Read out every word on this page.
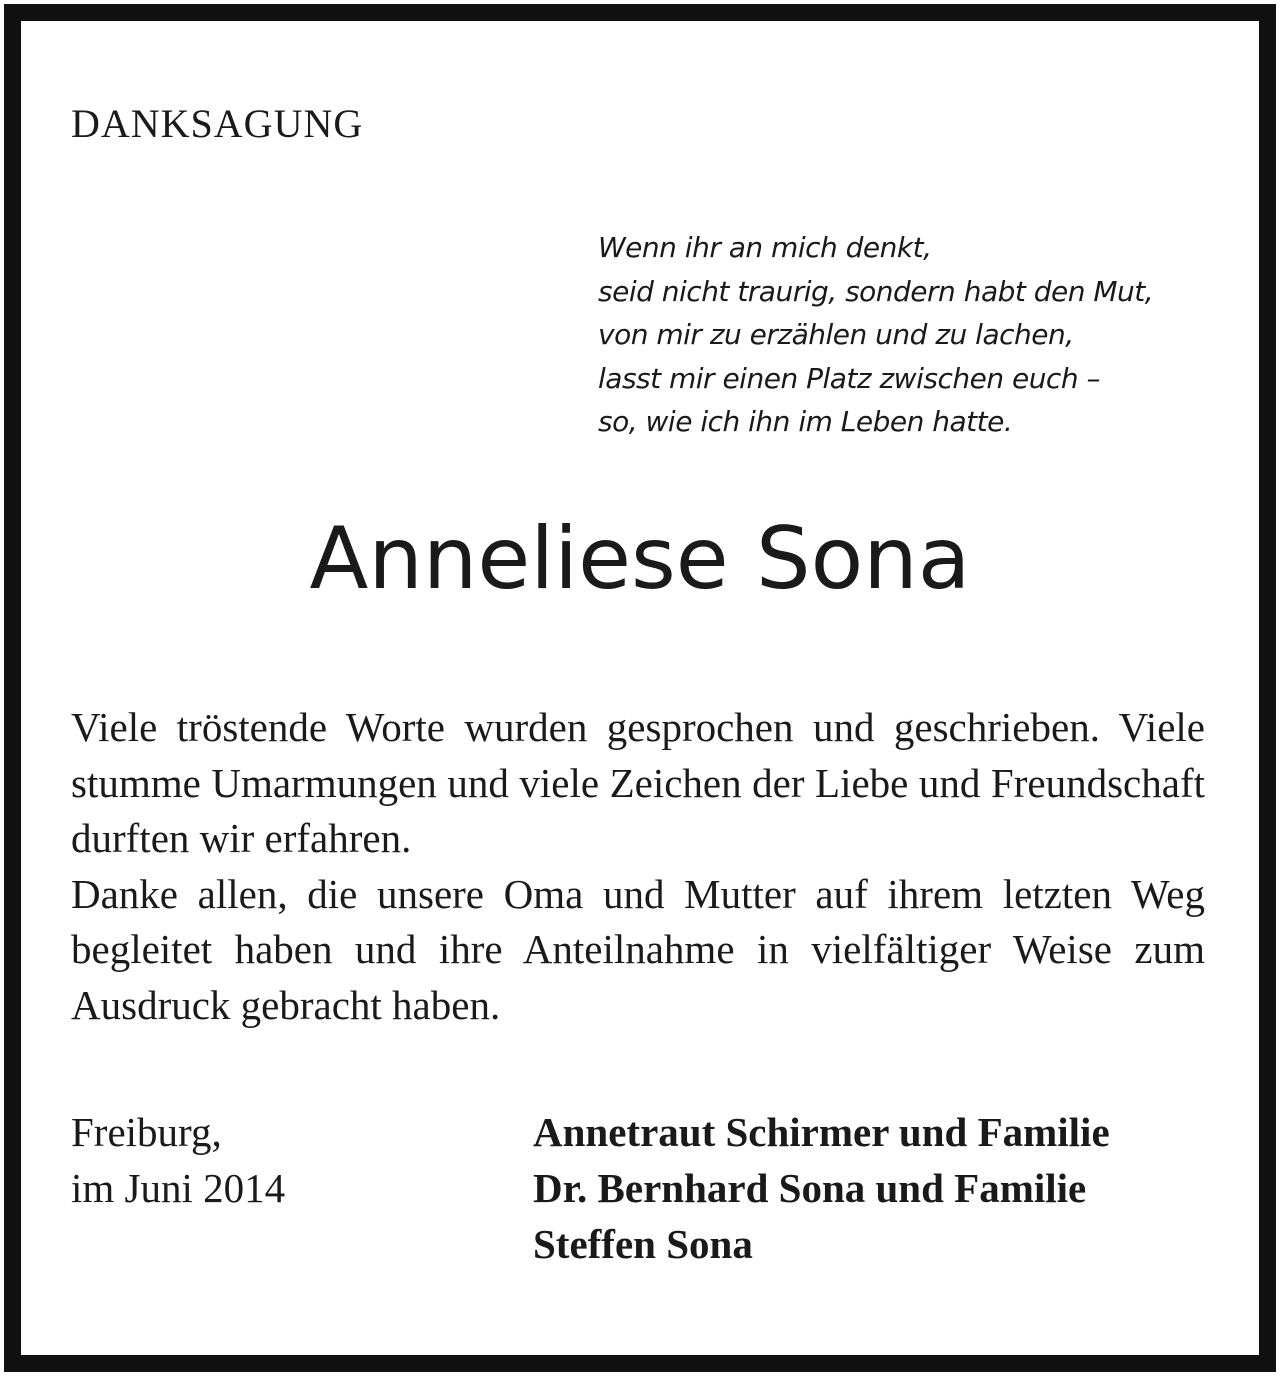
DANKSAGUNG
Wenn ihr an mich denkt,
seid nicht traurig, sondern habt den Mut,
von mir zu erzählen und zu lachen,
lasst mir einen Platz zwischen euch –
so, wie ich ihn im Leben hatte.
Anneliese Sona
Viele tröstende Worte wurden gesprochen und geschrieben. Viele stumme Umarmungen und viele Zeichen der Liebe und Freundschaft durften wir erfahren.
Danke allen, die unsere Oma und Mutter auf ihrem letzten Weg begleitet haben und ihre Anteilnahme in vielfältiger Weise zum Ausdruck gebracht haben.
Freiburg,
im Juni 2014
Annetraut Schirmer und Familie
Dr. Bernhard Sona und Familie
Steffen Sona
